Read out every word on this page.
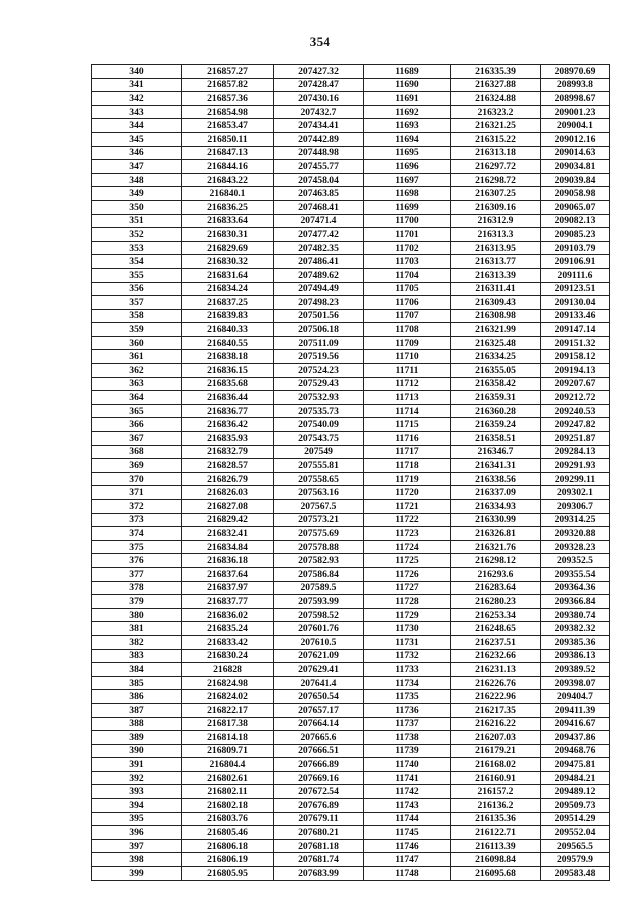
354
340	216857.27	207427.32	11689	216335.39	208970.69
341	216857.82	207428.47	11690	216327.88	208993.8
342	216857.36	207430.16	11691	216324.88	208998.67
343	216854.98	207432.7	11692	216323.2	209001.23
344	216853.47	207434.41	11693	216321.25	209004.1
345	216850.11	207442.89	11694	216315.22	209012.16
346	216847.13	207448.98	11695	216313.18	209014.63
347	216844.16	207455.77	11696	216297.72	209034.81
348	216843.22	207458.04	11697	216298.72	209039.84
349	216840.1	207463.85	11698	216307.25	209058.98
350	216836.25	207468.41	11699	216309.16	209065.07
351	216833.64	207471.4	11700	216312.9	209082.13
352	216830.31	207477.42	11701	216313.3	209085.23
353	216829.69	207482.35	11702	216313.95	209103.79
354	216830.32	207486.41	11703	216313.77	209106.91
355	216831.64	207489.62	11704	216313.39	209111.6
356	216834.24	207494.49	11705	216311.41	209123.51
357	216837.25	207498.23	11706	216309.43	209130.04
358	216839.83	207501.56	11707	216308.98	209133.46
359	216840.33	207506.18	11708	216321.99	209147.14
360	216840.55	207511.09	11709	216325.48	209151.32
361	216838.18	207519.56	11710	216334.25	209158.12
362	216836.15	207524.23	11711	216355.05	209194.13
363	216835.68	207529.43	11712	216358.42	209207.67
364	216836.44	207532.93	11713	216359.31	209212.72
365	216836.77	207535.73	11714	216360.28	209240.53
366	216836.42	207540.09	11715	216359.24	209247.82
367	216835.93	207543.75	11716	216358.51	209251.87
368	216832.79	207549	11717	216346.7	209284.13
369	216828.57	207555.81	11718	216341.31	209291.93
370	216826.79	207558.65	11719	216338.56	209299.11
371	216826.03	207563.16	11720	216337.09	209302.1
372	216827.08	207567.5	11721	216334.93	209306.7
373	216829.42	207573.21	11722	216330.99	209314.25
374	216832.41	207575.69	11723	216326.81	209320.88
375	216834.84	207578.88	11724	216321.76	209328.23
376	216836.18	207582.93	11725	216298.12	209352.5
377	216837.64	207586.84	11726	216293.6	209355.54
378	216837.97	207589.5	11727	216283.64	209364.36
379	216837.77	207593.99	11728	216280.23	209366.84
380	216836.02	207598.52	11729	216253.34	209380.74
381	216835.24	207601.76	11730	216248.65	209382.32
382	216833.42	207610.5	11731	216237.51	209385.36
383	216830.24	207621.09	11732	216232.66	209386.13
384	216828	207629.41	11733	216231.13	209389.52
385	216824.98	207641.4	11734	216226.76	209398.07
386	216824.02	207650.54	11735	216222.96	209404.7
387	216822.17	207657.17	11736	216217.35	209411.39
388	216817.38	207664.14	11737	216216.22	209416.67
389	216814.18	207665.6	11738	216207.03	209437.86
390	216809.71	207666.51	11739	216179.21	209468.76
391	216804.4	207666.89	11740	216168.02	209475.81
392	216802.61	207669.16	11741	216160.91	209484.21
393	216802.11	207672.54	11742	216157.2	209489.12
394	216802.18	207676.89	11743	216136.2	209509.73
395	216803.76	207679.11	11744	216135.36	209514.29
396	216805.46	207680.21	11745	216122.71	209552.04
397	216806.18	207681.18	11746	216113.39	209565.5
398	216806.19	207681.74	11747	216098.84	209579.9
399	216805.95	207683.99	11748	216095.68	209583.48
